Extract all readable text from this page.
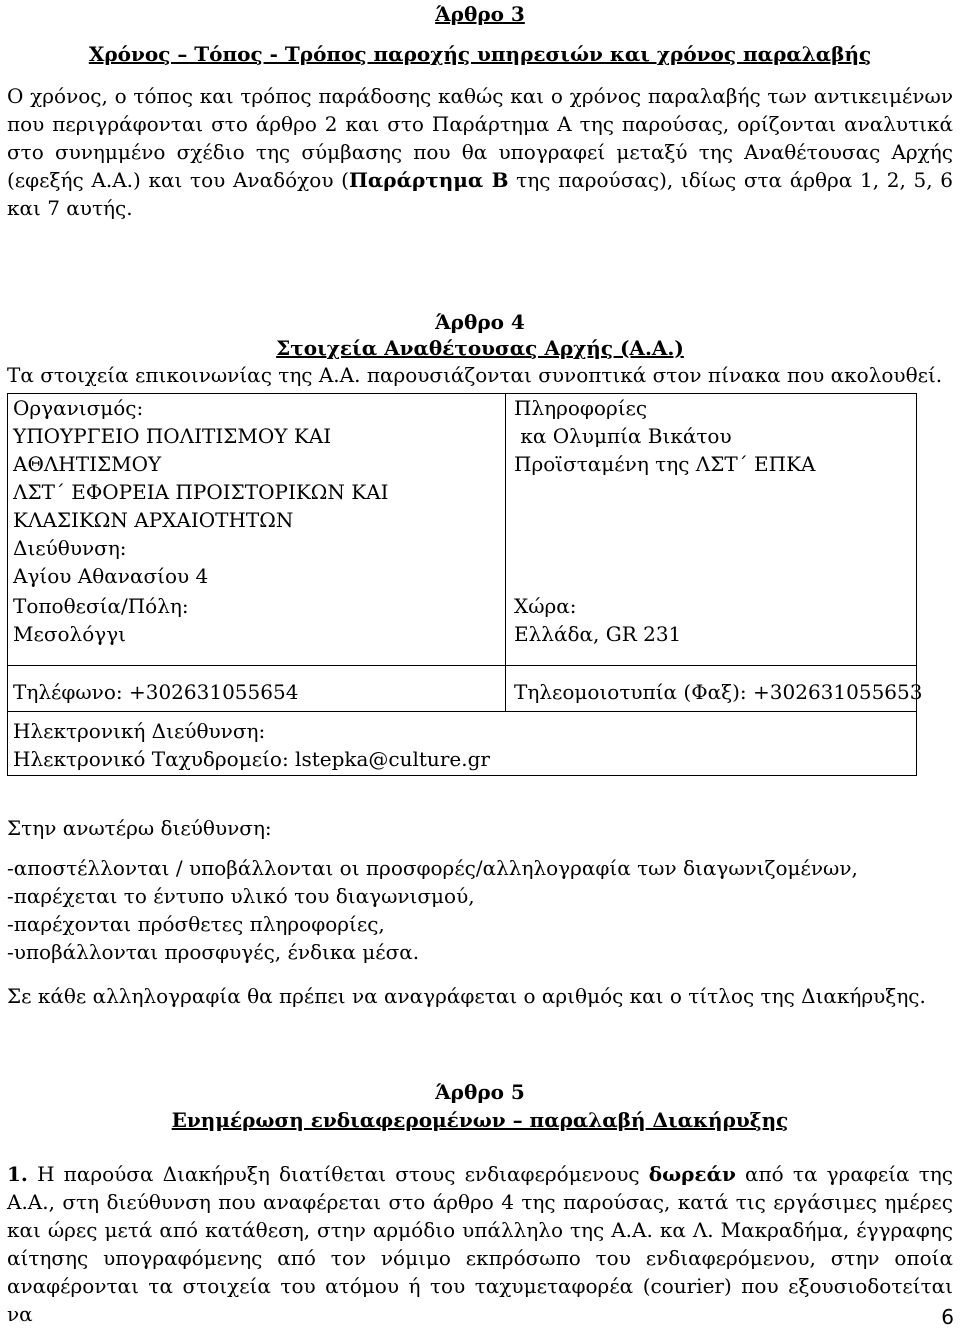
Άρθρο 3
Χρόνος – Τόπος - Τρόπος παροχής υπηρεσιών και χρόνος παραλαβής

Ο χρόνος, ο τόπος και τρόπος παράδοσης καθώς και ο χρόνος παραλαβής των αντικειμένων που περιγράφονται στο άρθρο 2 και στο Παράρτημα Α της παρούσας, ορίζονται αναλυτικά στο συνημμένο σχέδιο της σύμβασης που θα υπογραφεί μεταξύ της Αναθέτουσας Αρχής (εφεξής Α.Α.) και του Αναδόχου (Παράρτημα Β της παρούσας), ιδίως στα άρθρα 1, 2, 5, 6 και 7 αυτής.

Άρθρο 4
Στοιχεία Αναθέτουσας Αρχής (Α.Α.)
Τα στοιχεία επικοινωνίας της Α.Α. παρουσιάζονται συνοπτικά στον πίνακα που ακολουθεί.
Οργανισμός:
ΥΠΟΥΡΓΕΙΟ ΠΟΛΙΤΙΣΜΟΥ ΚΑΙ
ΑΘΛΗΤΙΣΜΟΥ
ΛΣΤ΄ ΕΦΟΡΕΙΑ ΠΡΟΙΣΤΟΡΙΚΩΝ ΚΑΙ
ΚΛΑΣΙΚΩΝ ΑΡΧΑΙΟΤΗΤΩΝ
Διεύθυνση:
Αγίου Αθανασίου 4
Τοποθεσία/Πόλη:
Μεσολόγγι
Πληροφορίες
κα Ολυμπία Βικάτου
Προϊσταμένη της ΛΣΤ΄ ΕΠΚΑ
Χώρα:
Ελλάδα, GR 231
Τηλέφωνο: +302631055654	Τηλεομοιοτυπία (Φαξ): +302631055653
Ηλεκτρονική Διεύθυνση:
Ηλεκτρονικό Ταχυδρομείο: lstepka@culture.gr
Στην ανωτέρω διεύθυνση:
-αποστέλλονται / υποβάλλονται οι προσφορές/αλληλογραφία των διαγωνιζομένων,
-παρέχεται το έντυπο υλικό του διαγωνισμού,
-παρέχονται πρόσθετες πληροφορίες,
-υποβάλλονται προσφυγές, ένδικα μέσα.
Σε κάθε αλληλογραφία θα πρέπει να αναγράφεται ο αριθμός και ο τίτλος της Διακήρυξης.
Άρθρο 5
Ενημέρωση ενδιαφερομένων – παραλαβή Διακήρυξης

1. Η παρούσα Διακήρυξη διατίθεται στους ενδιαφερόμενους δωρεάν από τα γραφεία της Α.Α., στη διεύθυνση που αναφέρεται στο άρθρο 4 της παρούσας, κατά τις εργάσιμες ημέρες και ώρες μετά από κατάθεση, στην αρμόδιο υπάλληλο της Α.Α. κα Λ. Μακραδήμα, έγγραφης αίτησης υπογραφόμενης από τον νόμιμο εκπρόσωπο του ενδιαφερόμενου, στην οποία αναφέρονται τα στοιχεία του ατόμου ή του ταχυμεταφορέα (courier) που εξουσιοδοτείται να	6
